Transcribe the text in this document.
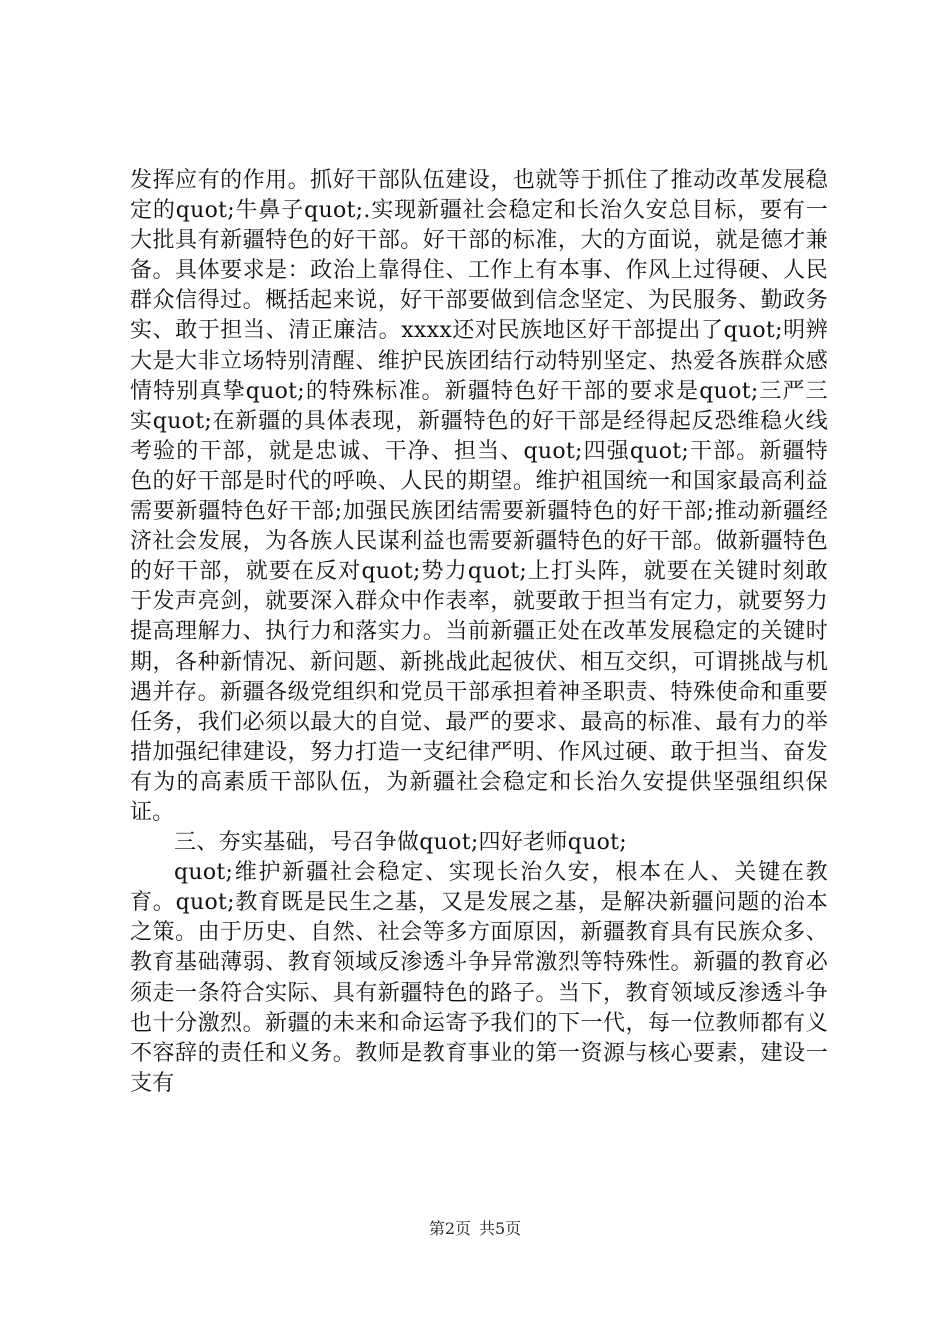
发挥应有的作用。抓好干部队伍建设，也就等于抓住了推动改革发展稳定的quot;牛鼻子quot;.实现新疆社会稳定和长治久安总目标，要有一大批具有新疆特色的好干部。好干部的标准，大的方面说，就是德才兼备。具体要求是：政治上靠得住、工作上有本事、作风上过得硬、人民群众信得过。概括起来说，好干部要做到信念坚定、为民服务、勤政务实、敢于担当、清正廉洁。xxxx还对民族地区好干部提出了quot;明辨大是大非立场特别清醒、维护民族团结行动特别坚定、热爱各族群众感情特别真挚quot;的特殊标准。新疆特色好干部的要求是quot;三严三实quot;在新疆的具体表现，新疆特色的好干部是经得起反恐维稳火线考验的干部，就是忠诚、干净、担当、quot;四强quot;干部。新疆特色的好干部是时代的呼唤、人民的期望。维护祖国统一和国家最高利益需要新疆特色好干部;加强民族团结需要新疆特色的好干部;推动新疆经济社会发展，为各族人民谋利益也需要新疆特色的好干部。做新疆特色的好干部，就要在反对quot;势力quot;上打头阵，就要在关键时刻敢于发声亮剑，就要深入群众中作表率，就要敢于担当有定力，就要努力提高理解力、执行力和落实力。当前新疆正处在改革发展稳定的关键时期，各种新情况、新问题、新挑战此起彼伏、相互交织，可谓挑战与机遇并存。新疆各级党组织和党员干部承担着神圣职责、特殊使命和重要任务，我们必须以最大的自觉、最严的要求、最高的标准、最有力的举措加强纪律建设，努力打造一支纪律严明、作风过硬、敢于担当、奋发有为的高素质干部队伍，为新疆社会稳定和长治久安提供坚强组织保证。

三、夯实基础，号召争做quot;四好老师quot;

quot;维护新疆社会稳定、实现长治久安，根本在人、关键在教育。quot;教育既是民生之基，又是发展之基，是解决新疆问题的治本之策。由于历史、自然、社会等多方面原因，新疆教育具有民族众多、教育基础薄弱、教育领域反渗透斗争异常激烈等特殊性。新疆的教育必须走一条符合实际、具有新疆特色的路子。当下，教育领域反渗透斗争也十分激烈。新疆的未来和命运寄予我们的下一代，每一位教师都有义不容辞的责任和义务。教师是教育事业的第一资源与核心要素，建设一支有

第2页 共5页
